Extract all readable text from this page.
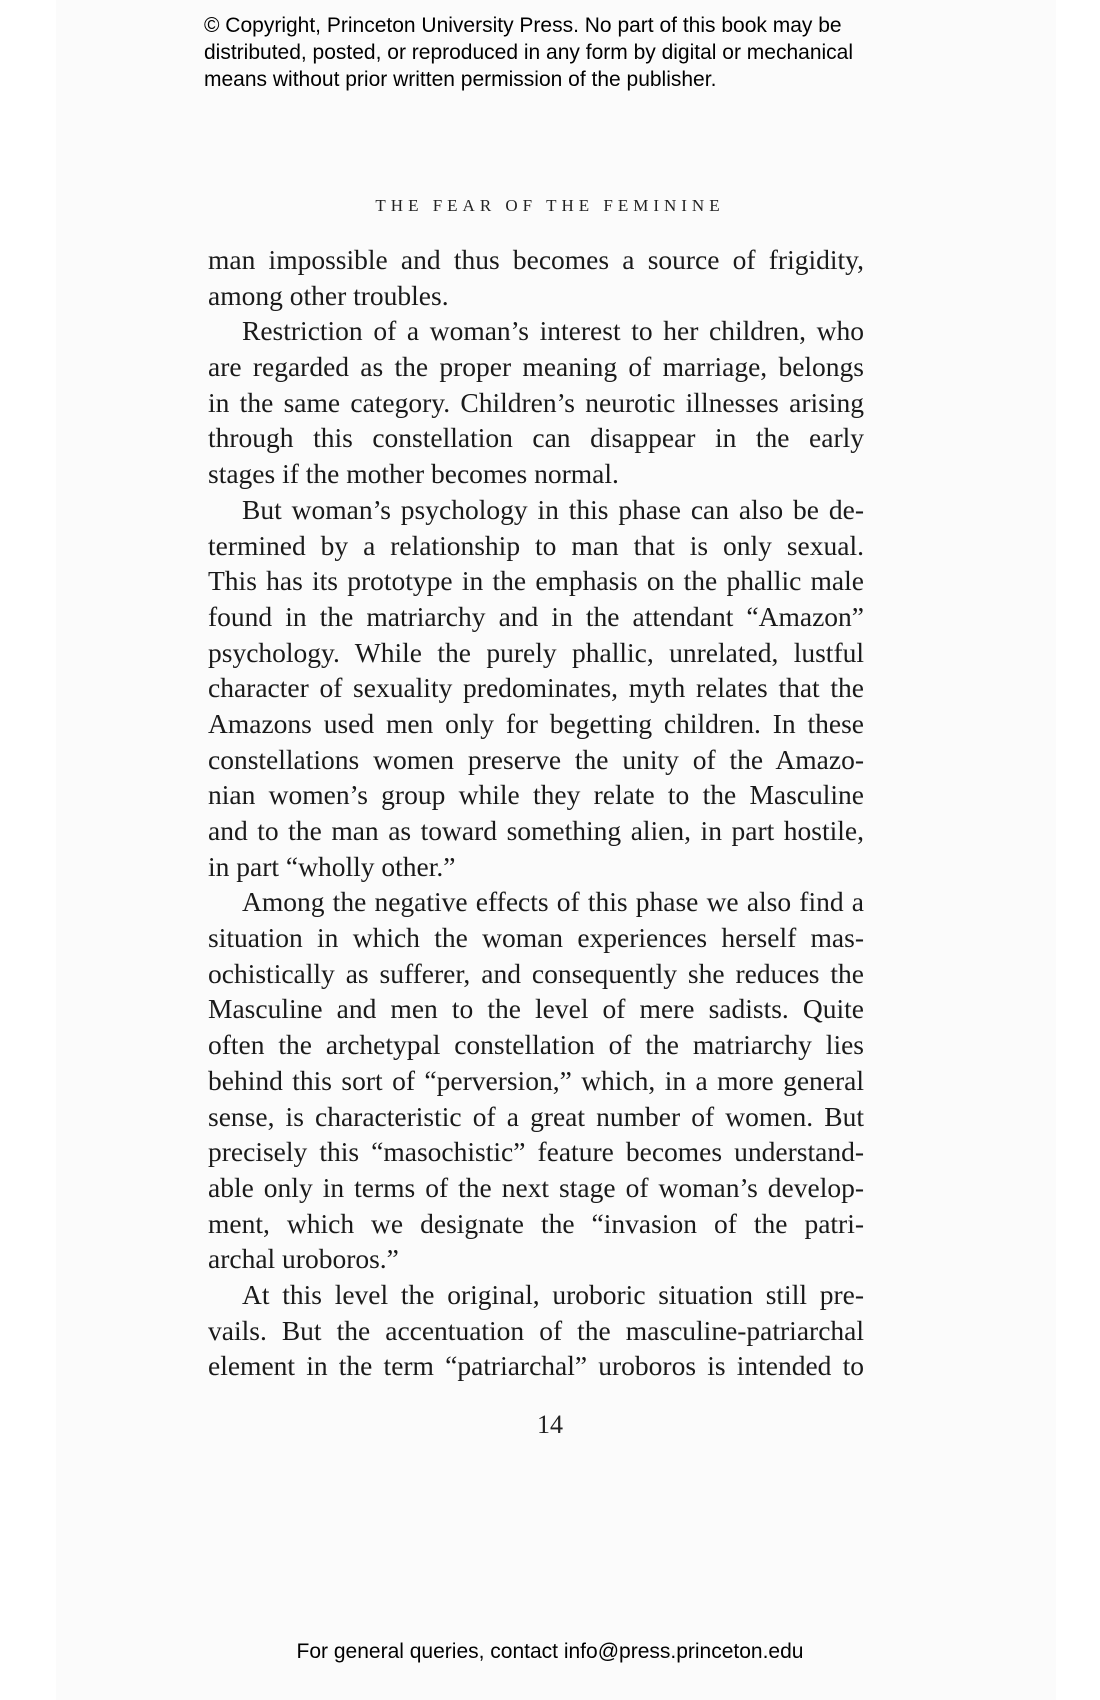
© Copyright, Princeton University Press. No part of this book may be
distributed, posted, or reproduced in any form by digital or mechanical
means without prior written permission of the publisher.
THE FEAR OF THE FEMININE
man impossible and thus becomes a source of frigidity,
among other troubles.
Restriction of a woman’s interest to her children, who
are regarded as the proper meaning of marriage, belongs
in the same category. Children’s neurotic illnesses arising
through this constellation can disappear in the early
stages if the mother becomes normal.
But woman’s psychology in this phase can also be de-
termined by a relationship to man that is only sexual.
This has its prototype in the emphasis on the phallic male
found in the matriarchy and in the attendant “Amazon”
psychology. While the purely phallic, unrelated, lustful
character of sexuality predominates, myth relates that the
Amazons used men only for begetting children. In these
constellations women preserve the unity of the Amazo-
nian women’s group while they relate to the Masculine
and to the man as toward something alien, in part hostile,
in part “wholly other.”
Among the negative effects of this phase we also find a
situation in which the woman experiences herself mas-
ochistically as sufferer, and consequently she reduces the
Masculine and men to the level of mere sadists. Quite
often the archetypal constellation of the matriarchy lies
behind this sort of “perversion,” which, in a more general
sense, is characteristic of a great number of women. But
precisely this “masochistic” feature becomes understand-
able only in terms of the next stage of woman’s develop-
ment, which we designate the “invasion of the patri-
archal uroboros.”
At this level the original, uroboric situation still pre-
vails. But the accentuation of the masculine-patriarchal
element in the term “patriarchal” uroboros is intended to
14
For general queries, contact info@press.princeton.edu
